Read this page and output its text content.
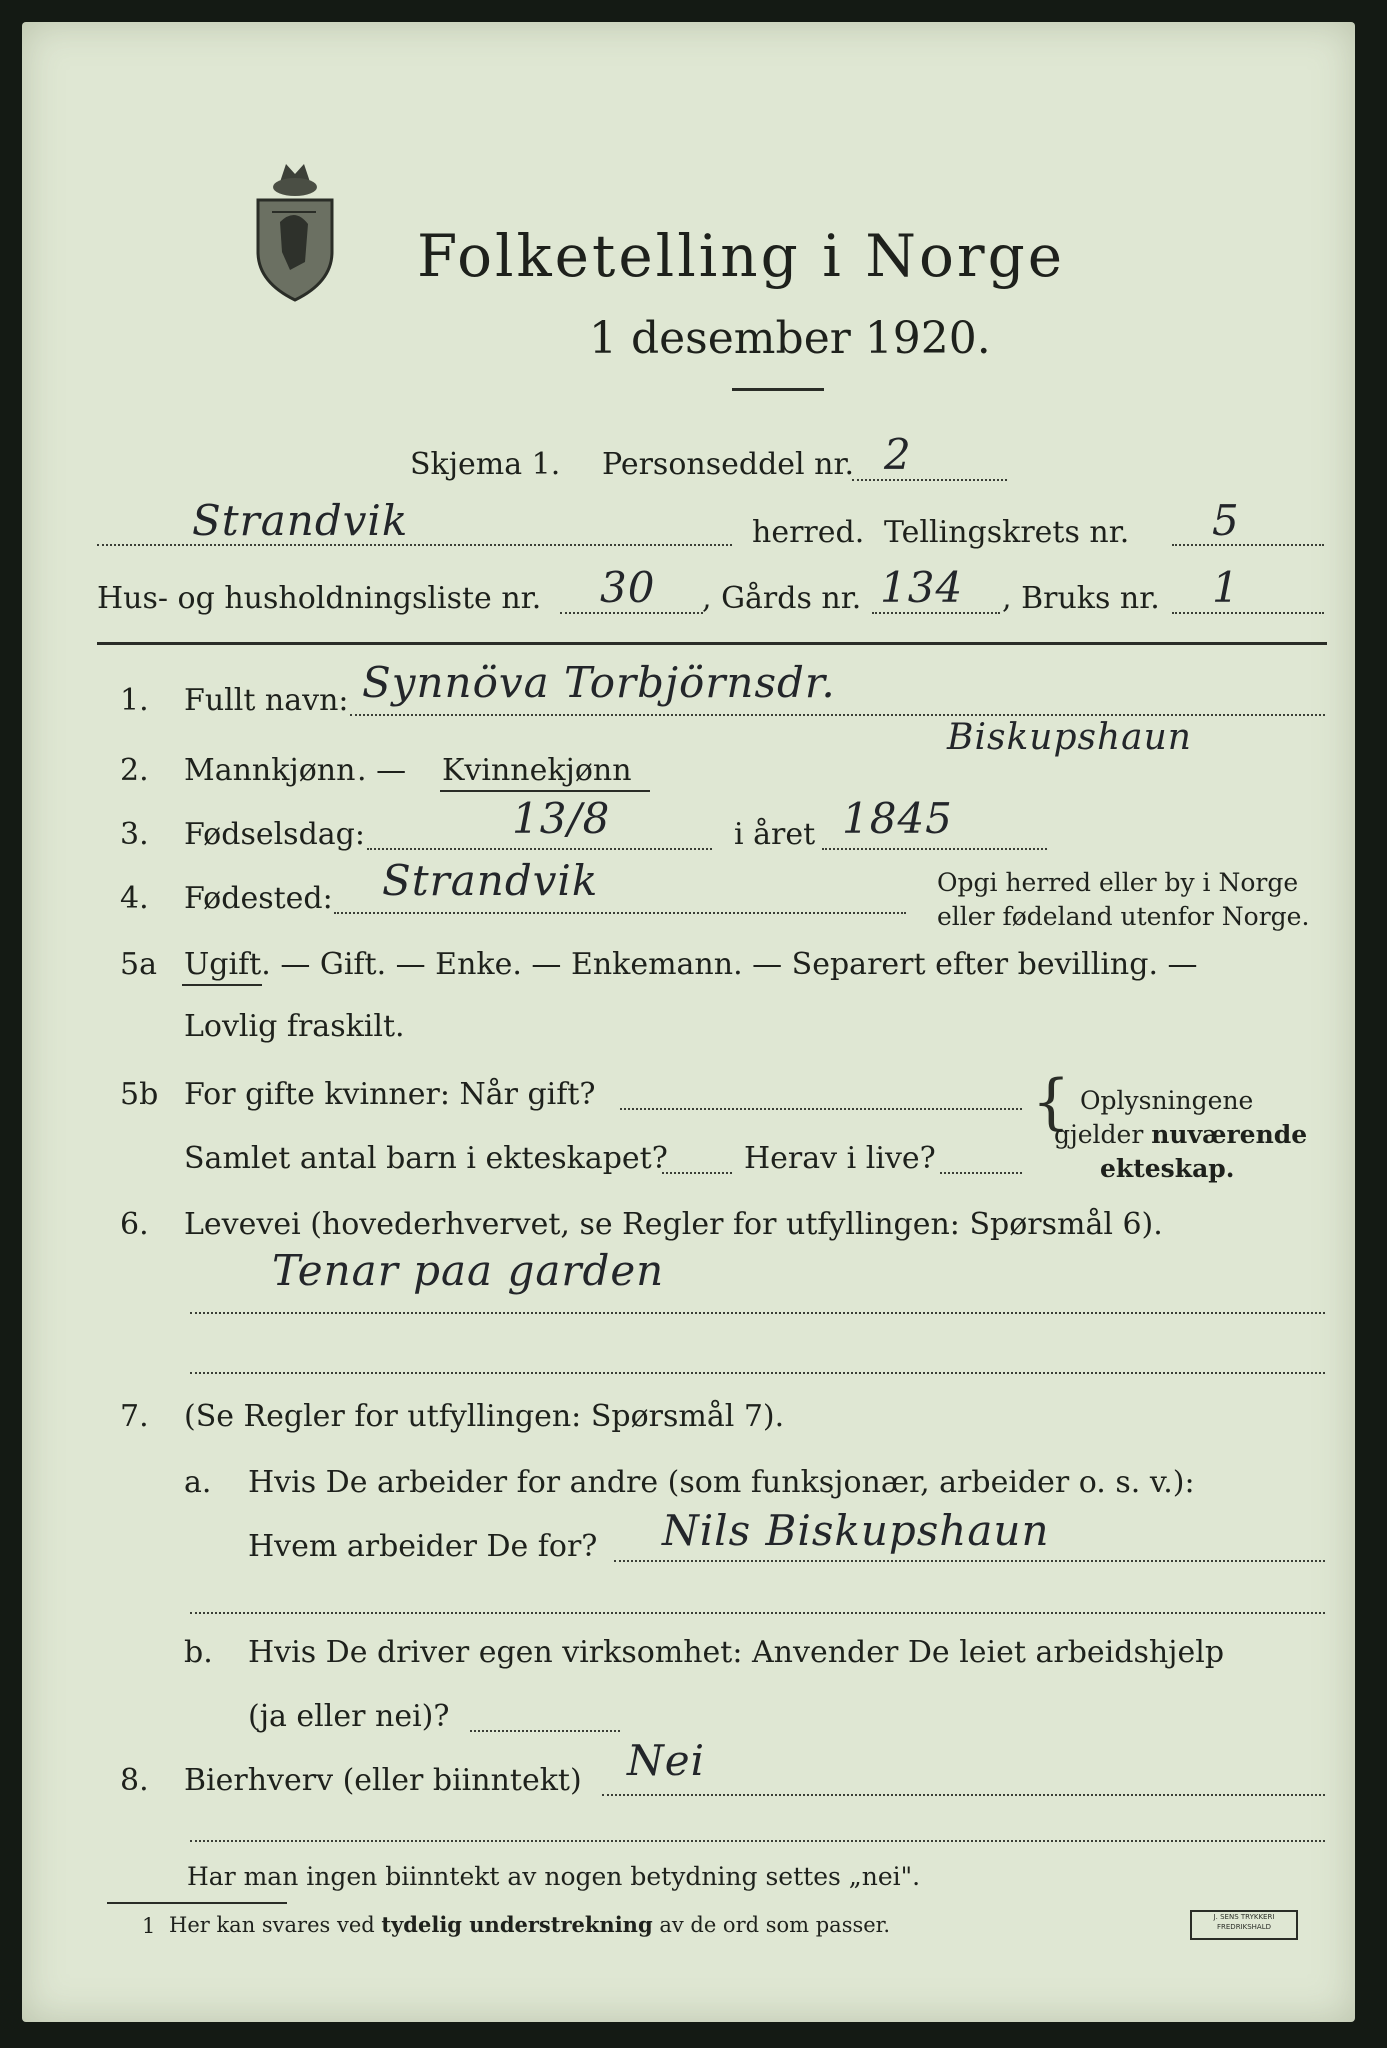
Folketelling i Norge
1 desember 1920.
Skjema 1. Personseddel nr. 2
Strandvik	herred. Tellingskrets nr. 5
Hus- og husholdningsliste nr. 30 , Gårds nr. 134 , Bruks nr. 1
1. Fullt navn: Synnöva Torbjörnsdr.
Biskupshaun
2. Mannkjønn . — Kvinnekjønn
3. Fødselsdag:	13/8	i året 1845
4. Fødested: Strandvik	Opgi herred eller by i Norge
eller fødeland utenfor Norge.
5a Ugift. — Gift. — Enke. — Enkemann. — Separert efter bevilling. —
Lovlig fraskilt.
5b For gifte kvinner: Når gift?
Samlet antal barn i ekteskapet?	Herav i live?
{ Oplysningene
gjelder nuværende
ekteskap.
6. Levevei (hovederhvervet, se Regler for utfyllingen: Spørsmål 6).
Tenar paa garden
7. (Se Regler for utfyllingen: Spørsmål 7).
a. Hvis De arbeider for andre (som funksjonær, arbeider o. s. v.):
Hvem arbeider De for? Nils Biskupshaun
b. Hvis De driver egen virksomhet: Anvender De leiet arbeidshjelp
(ja eller nei)?
8. Bierhverv (eller biinntekt) Nei
Har man ingen biinntekt av nogen betydning settes „nei".
1 Her kan svares ved tydelig understrekning av de ord som passer.	J. SENS TRYKKERI
FREDRIKSHALD
